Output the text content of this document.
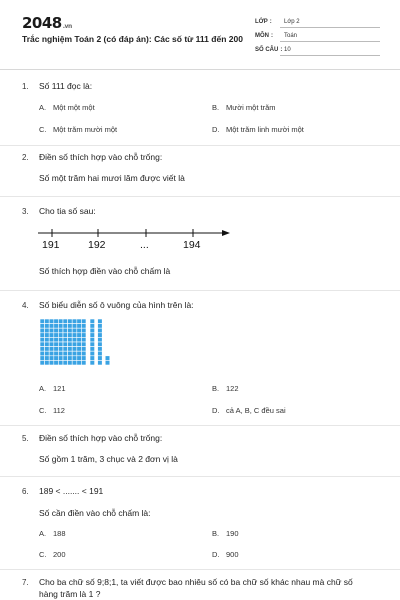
2048.vn
Trắc nghiệm Toán 2 (có đáp án): Các số từ 111 đến 200
LỚP : Lớp 2
MÔN : Toán
SỐ CÂU : 10
1. Số 111 đọc là:
A. Một một một	B. Mười một trăm
C. Một trăm mười một	D. Một trăm linh mười một
2. Điền số thích hợp vào chỗ trống:
Số một trăm hai mươi lăm được viết là
3. Cho tia số sau:
191	192	...	194
Số thích hợp điền vào chỗ chấm là
4. Số biểu diễn số ô vuông của hình trên là:
A. 121	B. 122
C. 112	D. cả A, B, C đều sai
5. Điền số thích hợp vào chỗ trống:
Số gồm 1 trăm, 3 chục và 2 đơn vị là
6. 189 < ....... < 191
Số cần điền vào chỗ chấm là:
A. 188	B. 190
C. 200	D. 900
7. Cho ba chữ số 9;8;1, ta viết được bao nhiêu số có ba chữ số khác nhau mà chữ số
hàng trăm là 1 ?
